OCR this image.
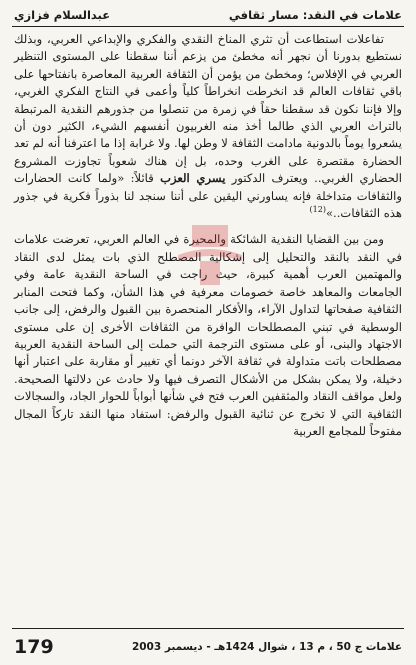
علامات في النقد: مسار ثقافي
عبدالسلام فزازي

تفاعلات استطاعت أن تثري المناخ النقدي والفكري والإبداعي العربي، وبذلك نستطيع بدورنا أن نجهر أنه مخطئ من يزعم أننا سقطنا على المستوى التنظير العربي في الإفلاس؛ ومخطئ من يؤمن أن الثقافة العربية المعاصرة بانفتاحها على باقي ثقافات العالم قد انخرطت انخراطاً كلياً وأعمى في النتاج الفكري الغربي، وإلا فإننا نكون قد سقطنا حقاً في زمرة من تنصلوا من جذورهم النقدية المرتبطة بالتراث العربي الذي طالما أخذ منه الغربيون أنفسهم الشيء، الكثير دون أن يشعروا يوماً بالدونية مادامت الثقافة لا وطن لها. ولا غرابة إذا ما اعترفنا أنه لم تعد الحضارة مقتصرة على الغرب وحده، بل إن هناك شعوباً تجاوزت المشروع الحضاري الغربي.. ويعترف الدكتور يسري العزب قائلاً: «ولما كانت الحضارات والثقافات متداخلة فإنه يساورني اليقين على أننا سنجد لنا بذوراً فكرية في جذور هذه الثقافات..»$^{(12)}$

ومن بين القضايا النقدية الشائكة والمحيرة في العالم العربي، تعرضت علامات في النقد بالنقد والتحليل إلى إشكالية المصطلح الذي بات يمثل لدى النقاد والمهتمين العرب أهمية كبيرة، حيث راجت في الساحة النقدية عامة وفي الجامعات والمعاهد خاصة خصومات معرفية في هذا الشأن، وكما فتحت المنابر الثقافية صفحاتها لتداول الآراء، والأفكار المنحصرة بين القبول والرفض، إلى جانب الوسطية في تبني المصطلحات الوافرة من الثقافات الأخرى إن على مستوى الاجتهاد والبنى، أو على مستوى الترجمة التي حملت إلى الساحة النقدية العربية مصطلحات باتت متداولة في ثقافة الآخر دونما أي تغيير أو مقاربة على اعتبار أنها دخيلة، ولا يمكن بشكل من الأشكال التصرف فيها ولا حادث عن دلالتها الصحيحة. ولعل مواقف النقاد والمثقفين العرب فتح في شأنها أبواباً للحوار الجاد، والسجالات الثقافية التي لا تخرج عن ثنائية القبول والرفض: استفاد منها النقد تاركاً المجال مفتوحاً للمجامع العربية

علامات ج 50 ، م 13 ، شوال 1424هـ - ديسمبر 2003
179
